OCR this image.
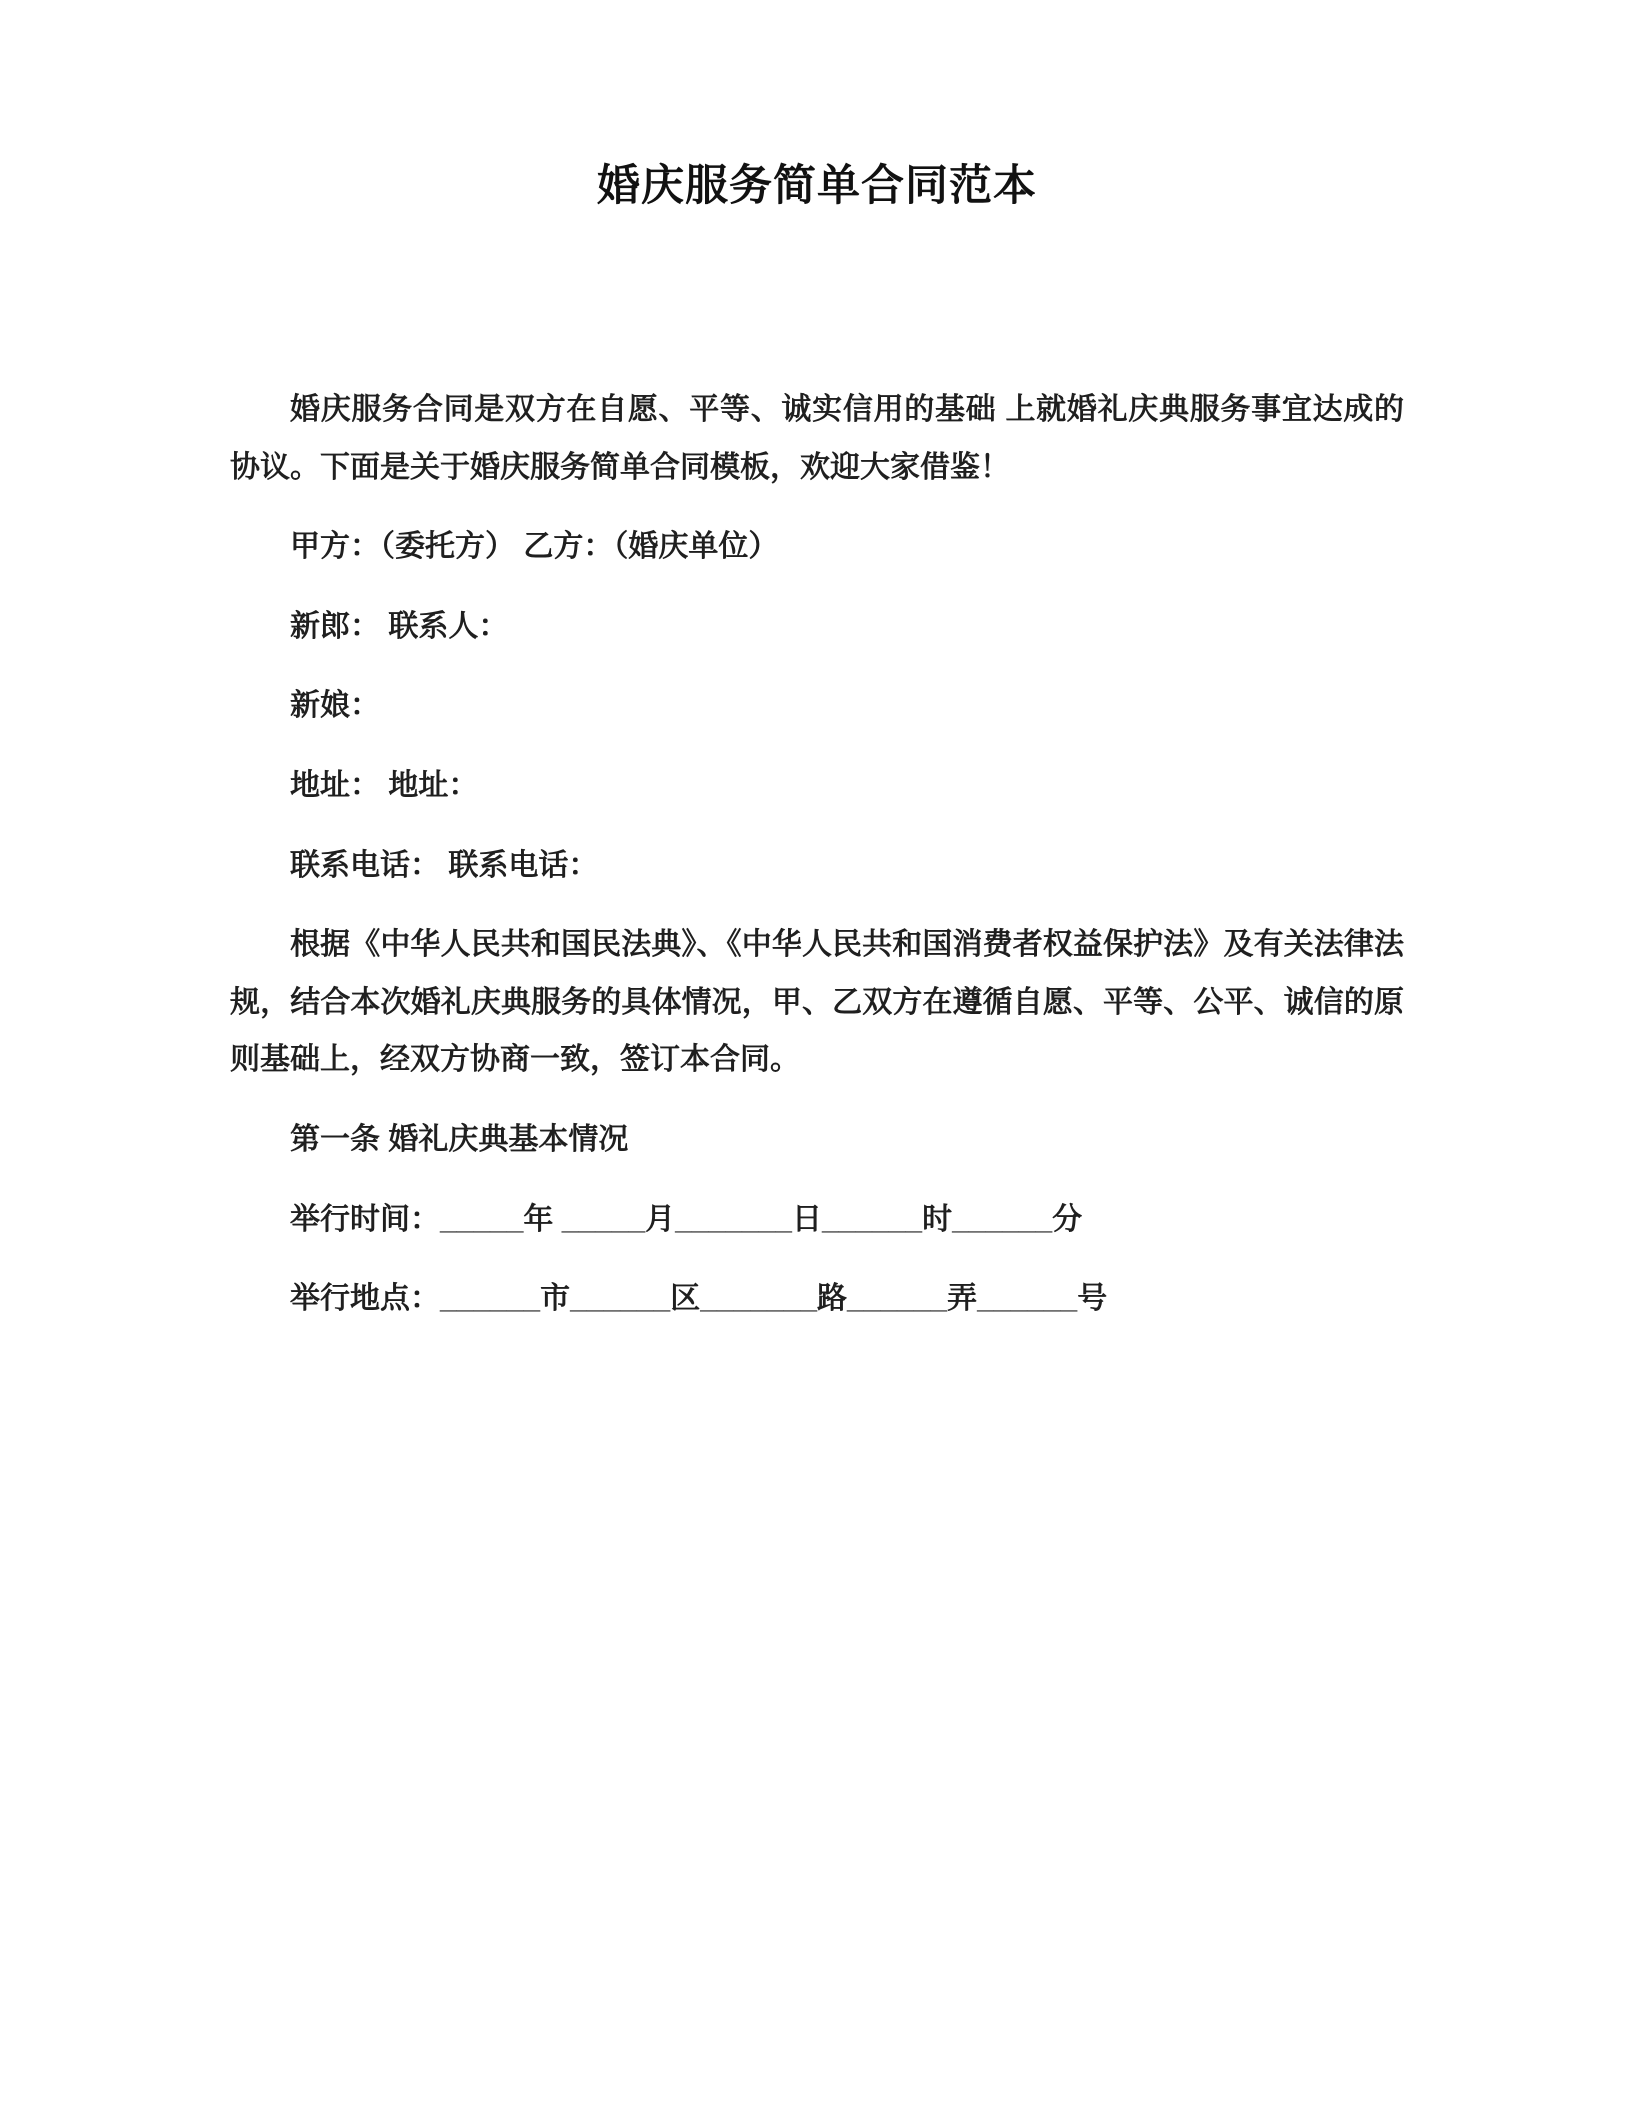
婚庆服务简单合同范本

婚庆服务合同是双方在自愿、平等、诚实信用的基础 上就婚礼庆典服务事宜达成的协议。下面是关于婚庆服务简单合同模板，欢迎大家借鉴！

甲方：（委托方） 乙方：（婚庆单位）

新郎： 联系人：

新娘：

地址： 地址：

联系电话： 联系电话：

根据《中华人民共和国民法典》、《中华人民共和国消费者权益保护法》及有关法律法规，结合本次婚礼庆典服务的具体情况，甲、乙双方在遵循自愿、平等、公平、诚信的原则基础上，经双方协商一致，签订本合同。

第一条 婚礼庆典基本情况

举行时间：_____年 _____月_______日______时______分

举行地点：______市______区_______路______弄______号
